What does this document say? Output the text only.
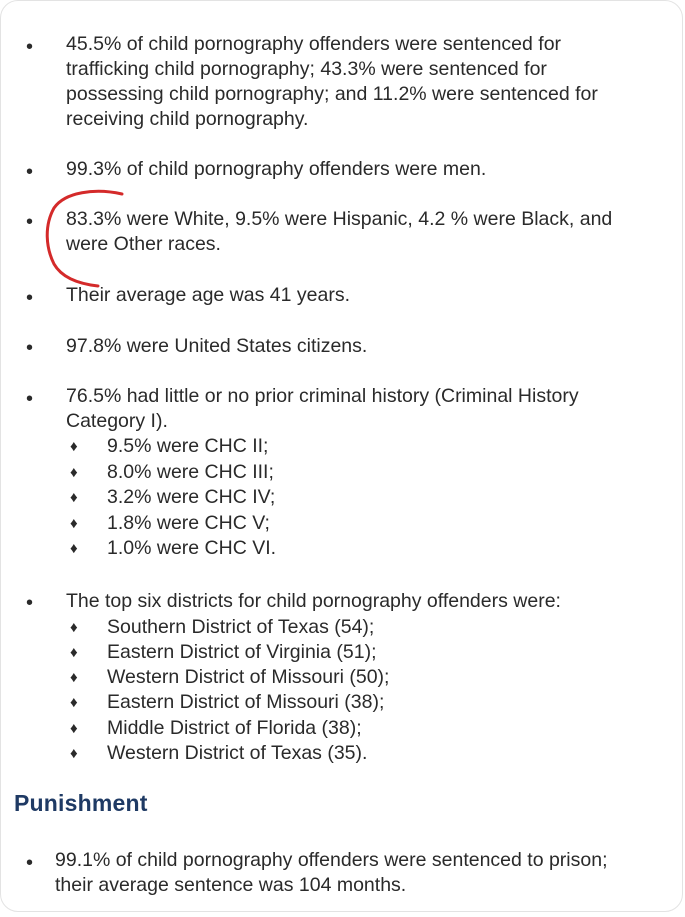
• 45.5% of child pornography offenders were sentenced for
trafficking child pornography; 43.3% were sentenced for
possessing child pornography; and 11.2% were sentenced for
receiving child pornography.
• 99.3% of child pornography offenders were men.
• 83.3% were White, 9.5% were Hispanic, 4.2 % were Black, and
were Other races.
• Their average age was 41 years.
• 97.8% were United States citizens.
• 76.5% had little or no prior criminal history (Criminal History
Category I).
♦ 9.5% were CHC II;
♦ 8.0% were CHC III;
♦ 3.2% were CHC IV;
♦ 1.8% were CHC V;
♦ 1.0% were CHC VI.
• The top six districts for child pornography offenders were:
♦ Southern District of Texas (54);
♦ Eastern District of Virginia (51);
♦ Western District of Missouri (50);
♦ Eastern District of Missouri (38);
♦ Middle District of Florida (38);
♦ Western District of Texas (35).
Punishment
• 99.1% of child pornography offenders were sentenced to prison;
their average sentence was 104 months.
